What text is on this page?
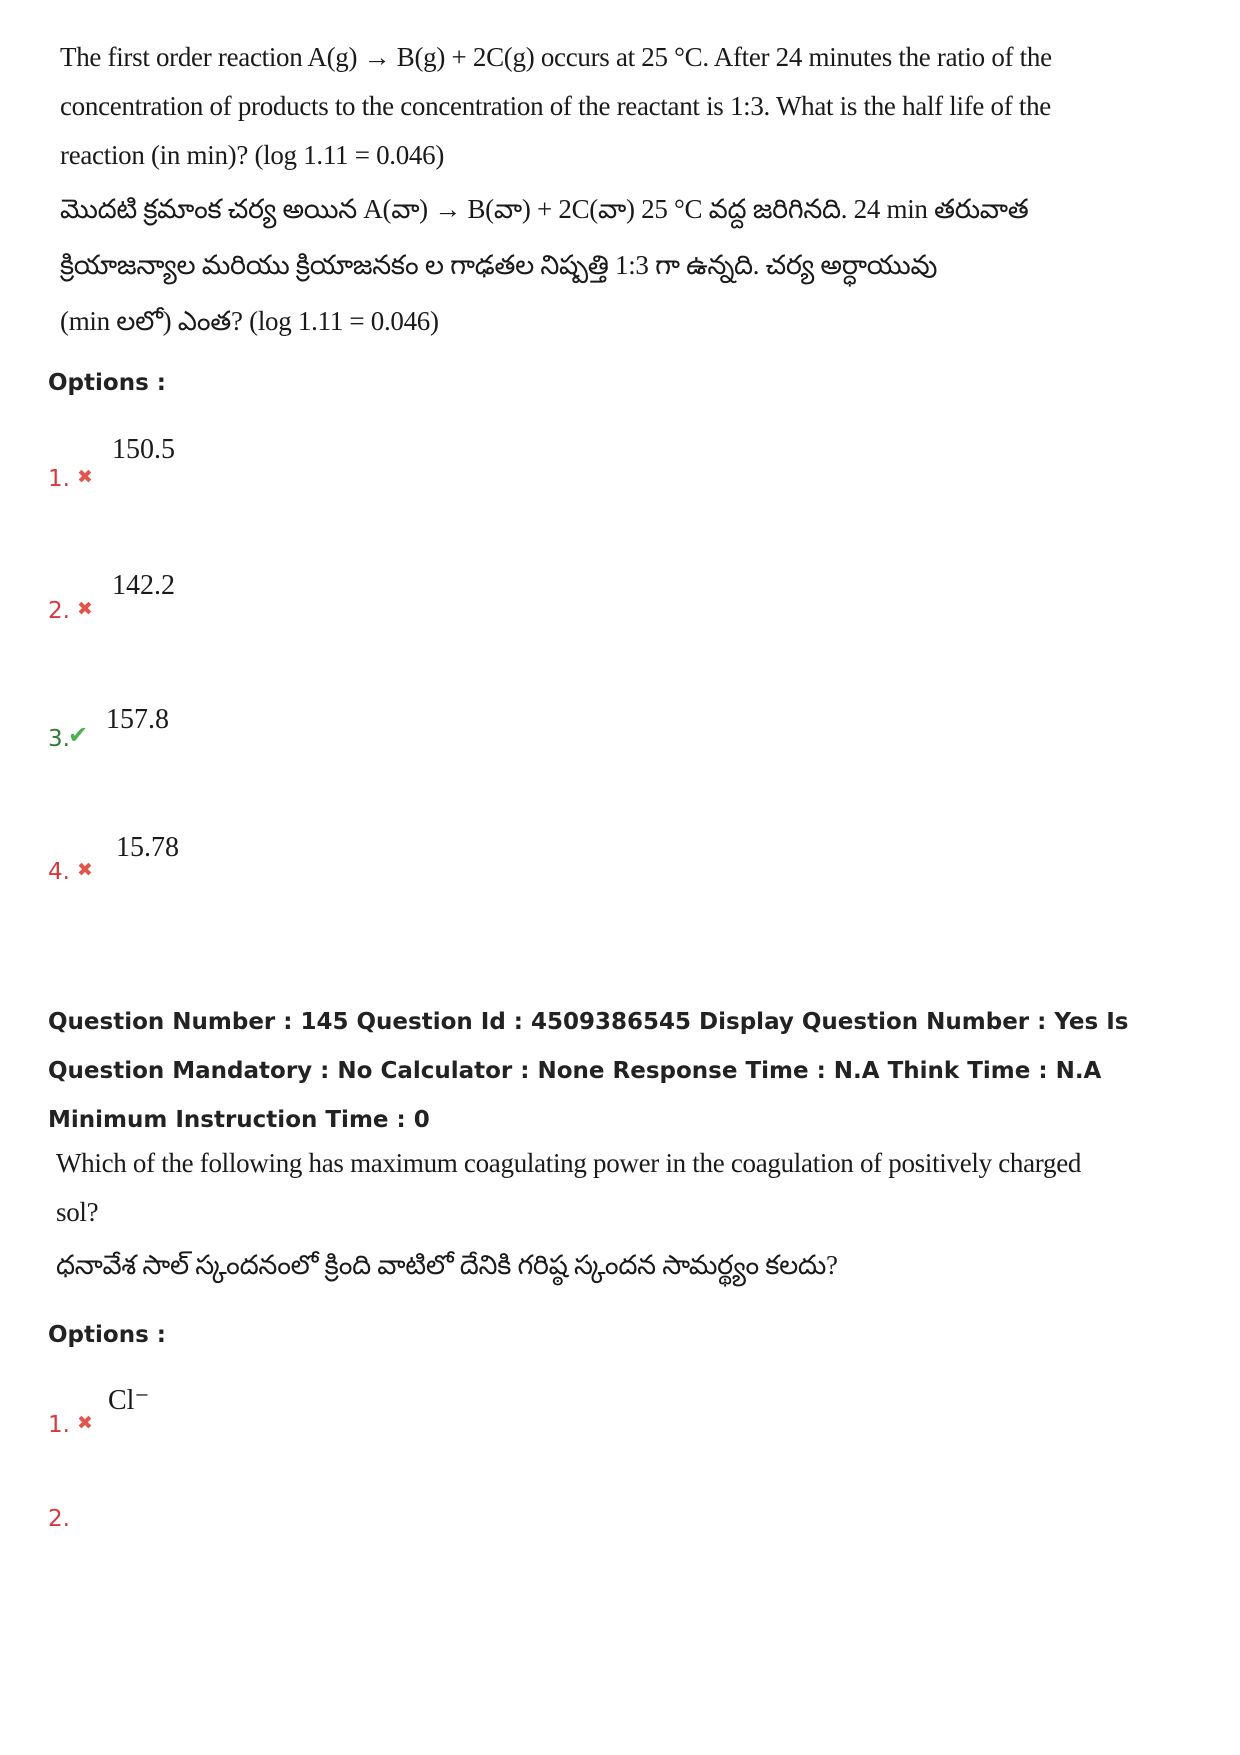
The first order reaction A(g) → B(g) + 2C(g) occurs at 25 °C. After 24 minutes the ratio of the
concentration of products to the concentration of the reactant is 1:3. What is the half life of the
reaction (in min)? (log 1.11 = 0.046)
మొదటి క్రమాంక చర్య అయిన A(వా) → B(వా) + 2C(వా) 25 °C వద్ద జరిగినది. 24 min తరువాత
క్రియాజన్యాల మరియు క్రియాజనకం ల గాఢతల నిష్పత్తి 1:3 గా ఉన్నది. చర్య అర్ధాయువు
(min లలో) ఎంత? (log 1.11 = 0.046)
Options :
1. ✖
150.5
2. ✖
142.2
3.
✔ 157.8
4. ✖
15.78
Question Number : 145 Question Id : 4509386545 Display Question Number : Yes Is Question Mandatory : No Calculator : None Response Time : N.A Think Time : N.A Minimum Instruction Time : 0
Which of the following has maximum coagulating power in the coagulation of positively charged
sol?
ధనావేశ సాల్ స్కందనంలో క్రింది వాటిలో దేనికి గరిష్ఠ స్కందన సామర్థ్యం కలదు?
Options :
1. ✖
Cl⁻
2.
